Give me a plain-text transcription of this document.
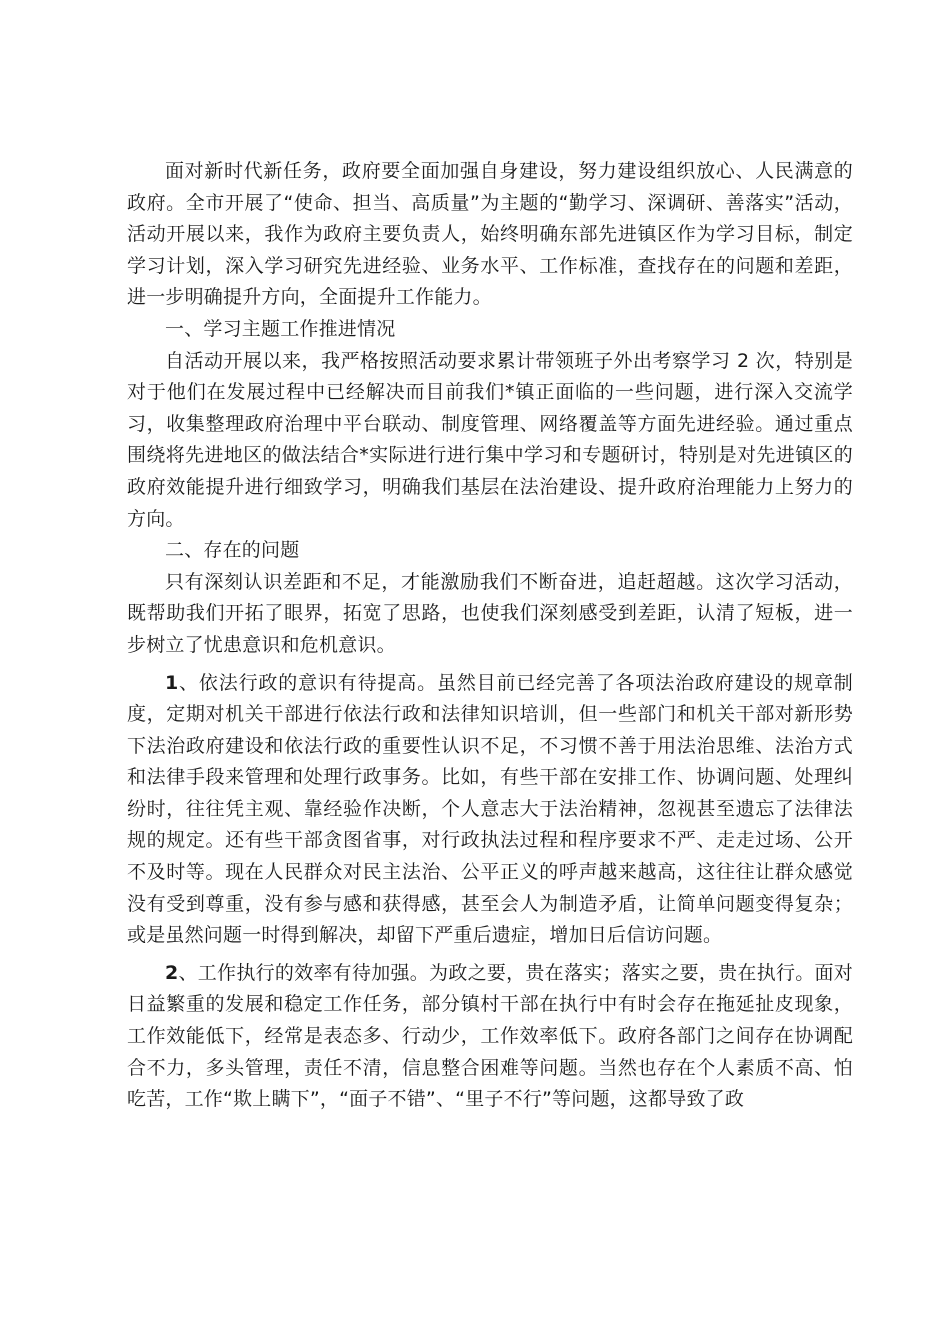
面对新时代新任务，政府要全面加强自身建设，努力建设组织放心、人民满意的政府。全市开展了“使命、担当、高质量”为主题的“勤学习、深调研、善落实”活动，活动开展以来，我作为政府主要负责人，始终明确东部先进镇区作为学习目标，制定学习计划，深入学习研究先进经验、业务水平、工作标准，查找存在的问题和差距，进一步明确提升方向，全面提升工作能力。

一、学习主题工作推进情况

自活动开展以来，我严格按照活动要求累计带领班子外出考察学习 2 次，特别是对于他们在发展过程中已经解决而目前我们*镇正面临的一些问题，进行深入交流学习，收集整理政府治理中平台联动、制度管理、网络覆盖等方面先进经验。通过重点围绕将先进地区的做法结合*实际进行进行集中学习和专题研讨，特别是对先进镇区的政府效能提升进行细致学习，明确我们基层在法治建设、提升政府治理能力上努力的方向。

二、存在的问题

只有深刻认识差距和不足，才能激励我们不断奋进，追赶超越。这次学习活动，既帮助我们开拓了眼界，拓宽了思路，也使我们深刻感受到差距，认清了短板，进一步树立了忧患意识和危机意识。

1、依法行政的意识有待提高。虽然目前已经完善了各项法治政府建设的规章制度，定期对机关干部进行依法行政和法律知识培训，但一些部门和机关干部对新形势下法治政府建设和依法行政的重要性认识不足，不习惯不善于用法治思维、法治方式和法律手段来管理和处理行政事务。比如，有些干部在安排工作、协调问题、处理纠纷时，往往凭主观、靠经验作决断，个人意志大于法治精神，忽视甚至遗忘了法律法规的规定。还有些干部贪图省事，对行政执法过程和程序要求不严、走走过场、公开不及时等。现在人民群众对民主法治、公平正义的呼声越来越高，这往往让群众感觉没有受到尊重，没有参与感和获得感，甚至会人为制造矛盾，让简单问题变得复杂；或是虽然问题一时得到解决，却留下严重后遗症，增加日后信访问题。

2、工作执行的效率有待加强。为政之要，贵在落实；落实之要，贵在执行。面对日益繁重的发展和稳定工作任务，部分镇村干部在执行中有时会存在拖延扯皮现象，工作效能低下，经常是表态多、行动少，工作效率低下。政府各部门之间存在协调配合不力，多头管理，责任不清，信息整合困难等问题。当然也存在个人素质不高、怕吃苦，工作“欺上瞒下”，“面子不错”、“里子不行”等问题，这都导致了政
